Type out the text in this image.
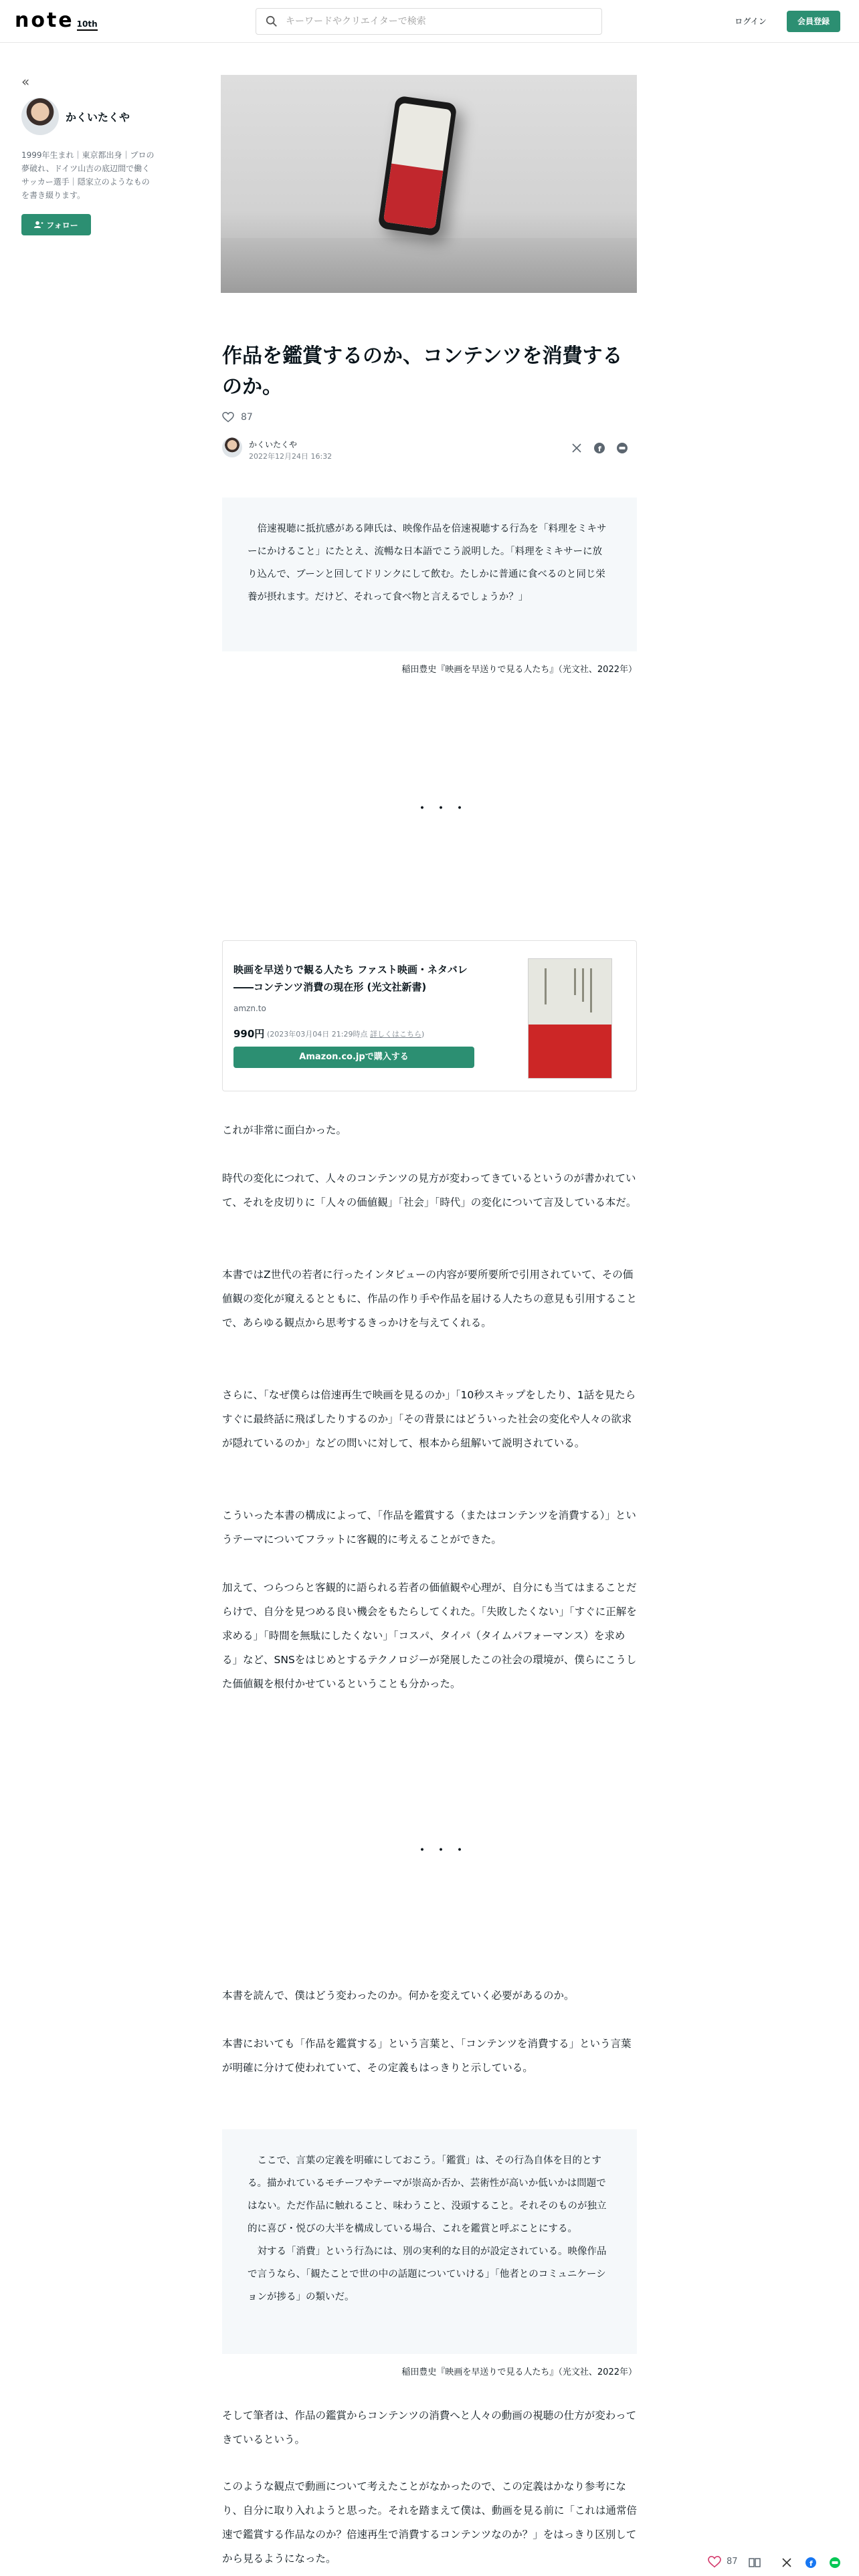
note 10th
キーワードやクリエイターで検索	ログイン	会員登録
«
かくいたくや
1999年生まれ｜東京都出身｜プロの夢破れ、ドイツ山吉の底辺間で働くサッカー選手｜隠家立のようなものを書き綴ります。
フォロー
作品を鑑賞するのか、コンテンツを消費するのか。
87
かくいたくや
2022年12月24日 16:32
f
　倍速視聴に抵抗感がある陣氏は、映像作品を倍速視聴する行為を「料理をミキサーにかけること」にたとえ、流暢な日本語でこう説明した。「料理をミキサーに放り込んで、ブーンと回してドリンクにして飲む。たしかに普通に食べるのと同じ栄養が摂れます。だけど、それって食べ物と言えるでしょうか？」
稲田豊史『映画を早送りで見る人たち』（光文社、2022年）
・・・
映画を早送りで観る人たち ファスト映画・ネタバレ――コンテンツ消費の現在形 (光文社新書)
amzn.to
990円 (2023年03月04日 21:29時点 詳しくはこちら)
Amazon.co.jpで購入する

これが非常に面白かった。

時代の変化につれて、人々のコンテンツの見方が変わってきているというのが書かれていて、それを皮切りに「人々の価値観」「社会」「時代」の変化について言及している本だ。

本書ではZ世代の若者に行ったインタビューの内容が要所要所で引用されていて、その価値観の変化が窺えるとともに、作品の作り手や作品を届ける人たちの意見も引用することで、あらゆる観点から思考するきっかけを与えてくれる。

さらに、「なぜ僕らは倍速再生で映画を見るのか」「10秒スキップをしたり、1話を見たらすぐに最終話に飛ばしたりするのか」「その背景にはどういった社会の変化や人々の欲求が隠れているのか」などの問いに対して、根本から紐解いて説明されている。

こういった本書の構成によって、「作品を鑑賞する（またはコンテンツを消費する）」というテーマについてフラットに客観的に考えることができた。

加えて、つらつらと客観的に語られる若者の価値観や心理が、自分にも当てはまることだらけで、自分を見つめる良い機会をもたらしてくれた。「失敗したくない」「すぐに正解を求める」「時間を無駄にしたくない」「コスパ、タイパ（タイムパフォーマンス）を求める」など、SNSをはじめとするテクノロジーが発展したこの社会の環境が、僕らにこうした価値観を根付かせているということも分かった。

・・・

本書を読んで、僕はどう変わったのか。何かを変えていく必要があるのか。

本書においても「作品を鑑賞する」という言葉と、「コンテンツを消費する」という言葉が明確に分けて使われていて、その定義もはっきりと示している。

　ここで、言葉の定義を明確にしておこう。「鑑賞」は、その行為自体を目的とする。描かれているモチーフやテーマが崇高か否か、芸術性が高いか低いかは問題ではない。ただ作品に触れること、味わうこと、没頭すること。それそのものが独立的に喜び・悦びの大半を構成している場合、これを鑑賞と呼ぶことにする。
　対する「消費」という行為には、別の実利的な目的が設定されている。映像作品で言うなら、「観たことで世の中の話題についていける」「他者とのコミュニケーションが捗る」の類いだ。
稲田豊史『映画を早送りで見る人たち』（光文社、2022年）

そして筆者は、作品の鑑賞からコンテンツの消費へと人々の動画の視聴の仕方が変わってきているという。

このような観点で動画について考えたことがなかったので、この定義はかなり参考になり、自分に取り入れようと思った。それを踏まえて僕は、動画を見る前に「これは通常倍速で鑑賞する作品なのか？倍速再生で消費するコンテンツなのか？」をはっきり区別してから見るようになった。	87	f
